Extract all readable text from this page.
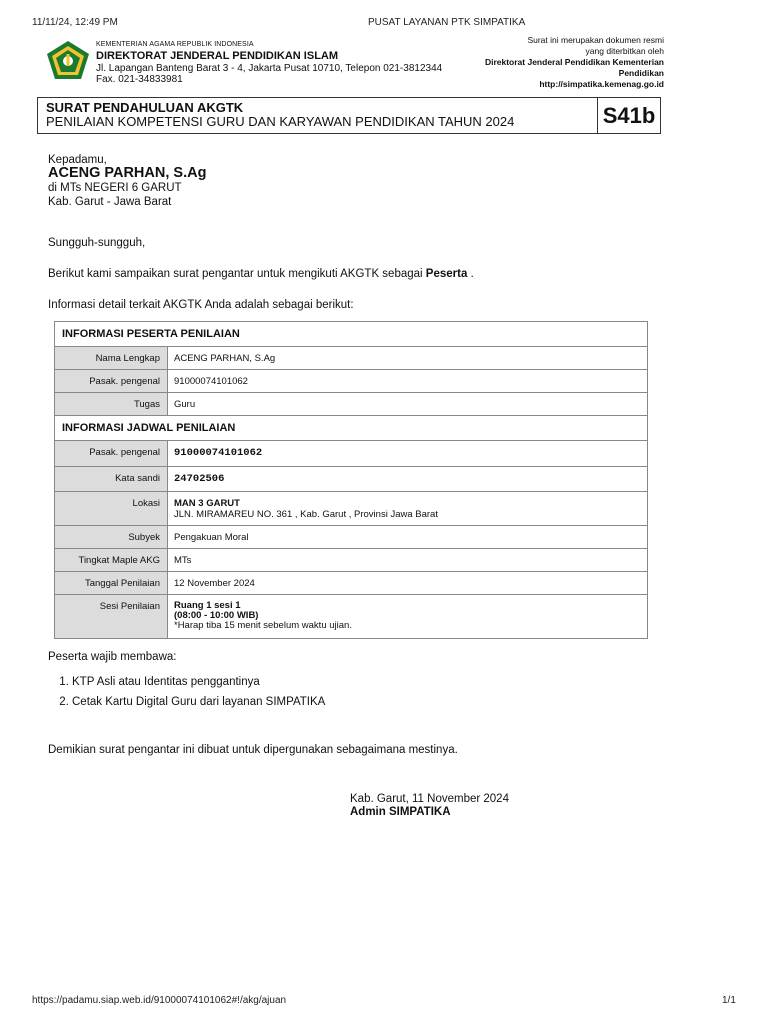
11/11/24, 12:49 PM	PUSAT LAYANAN PTK SIMPATIKA
KEMENTERIAN AGAMA REPUBLIK INDONESIA
DIREKTORAT JENDERAL PENDIDIKAN ISLAM
Jl. Lapangan Banteng Barat 3 - 4, Jakarta Pusat 10710, Telepon 021-3812344
Fax. 021-34833981
Surat ini merupakan dokumen resmi
yang diterbitkan oleh
Direktorat Jenderal Pendidikan Kementerian
Pendidikan
http://simpatika.kemenag.go.id
SURAT PENDAHULUAN AKGTK
PENILAIAN KOMPETENSI GURU DAN KARYAWAN PENDIDIKAN TAHUN 2024	S41b
Kepadamu,
ACENG PARHAN, S.Ag
di MTs NEGERI 6 GARUT
Kab. Garut - Jawa Barat
Sungguh-sungguh,
Berikut kami sampaikan surat pengantar untuk mengikuti AKGTK sebagai Peserta .
Informasi detail terkait AKGTK Anda adalah sebagai berikut:
INFORMASI PESERTA PENILAIAN	
Nama Lengkap	ACENG PARHAN, S.Ag
Pasak. pengenal	91000074101062
Tugas	Guru
INFORMASI JADWAL PENILAIAN	
Pasak. pengenal	91000074101062
Kata sandi	24702506
Lokasi	MAN 3 GARUT
JLN. MIRAMAREU NO. 361 , Kab. Garut , Provinsi Jawa Barat

Subyek	Pengakuan Moral
Tingkat Maple AKG	MTs
Tanggal Penilaian	12 November 2024
Sesi Penilaian	Ruang 1 sesi 1
(08:00 - 10:00 WIB)
*Harap tiba 15 menit sebelum waktu ujian.
Peserta wajib membawa:
1. KTP Asli atau Identitas penggantinya
2. Cetak Kartu Digital Guru dari layanan SIMPATIKA
Demikian surat pengantar ini dibuat untuk dipergunakan sebagaimana mestinya.
Kab. Garut, 11 November 2024
Admin SIMPATIKA
https://padamu.siap.web.id/91000074101062#!/akg/ajuan	1/1
